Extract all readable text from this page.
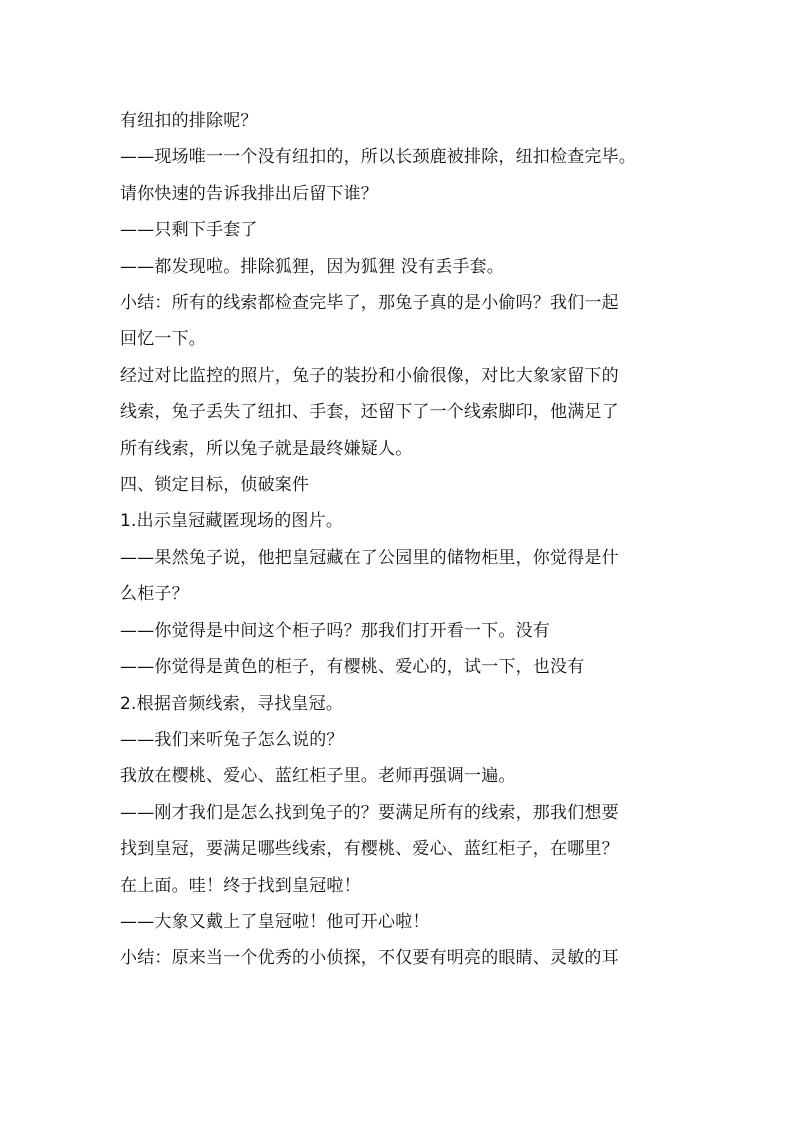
有纽扣的排除呢？

——现场唯一一个没有纽扣的，所以长颈鹿被排除，纽扣检查完毕。

请你快速的告诉我排出后留下谁？

——只剩下手套了

——都发现啦。排除狐狸，因为狐狸 没有丢手套。

小结：所有的线索都检查完毕了，那兔子真的是小偷吗？我们一起

回忆一下。

经过对比监控的照片，兔子的装扮和小偷很像，对比大象家留下的

线索，兔子丢失了纽扣、手套，还留下了一个线索脚印，他满足了

所有线索，所以兔子就是最终嫌疑人。

四、锁定目标，侦破案件

1.出示皇冠藏匿现场的图片。

——果然兔子说，他把皇冠藏在了公园里的储物柜里，你觉得是什

么柜子？

——你觉得是中间这个柜子吗？那我们打开看一下。没有

——你觉得是黄色的柜子，有樱桃、爱心的，试一下，也没有

2.根据音频线索，寻找皇冠。

——我们来听兔子怎么说的？

我放在樱桃、爱心、蓝红柜子里。老师再强调一遍。

——刚才我们是怎么找到兔子的？要满足所有的线索，那我们想要

找到皇冠，要满足哪些线索，有樱桃、爱心、蓝红柜子，在哪里？

在上面。哇！终于找到皇冠啦！

——大象又戴上了皇冠啦！他可开心啦！

小结：原来当一个优秀的小侦探，不仅要有明亮的眼睛、灵敏的耳
